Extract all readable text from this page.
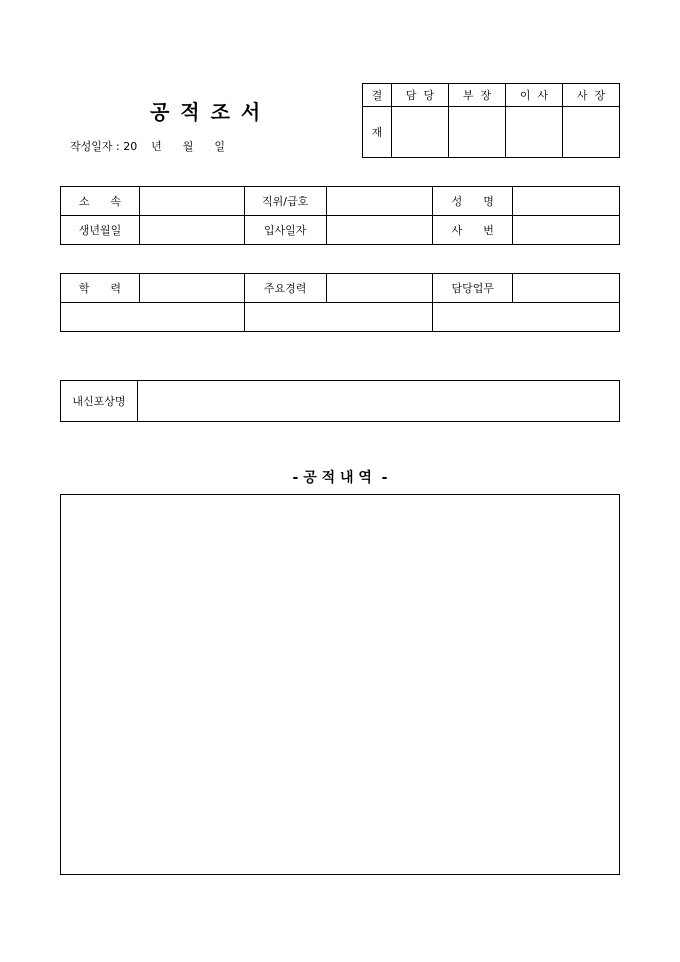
공 적 조 서
작성일자 : 20    년      월      일
결	담  당	부  장	이  사	사  장
재				
소      속		직위/급호		성      명	
생년월일		입사일자		사      번	
학      력		주요경력		담당업무	

내신포상명	
- 공 적 내 역  -
